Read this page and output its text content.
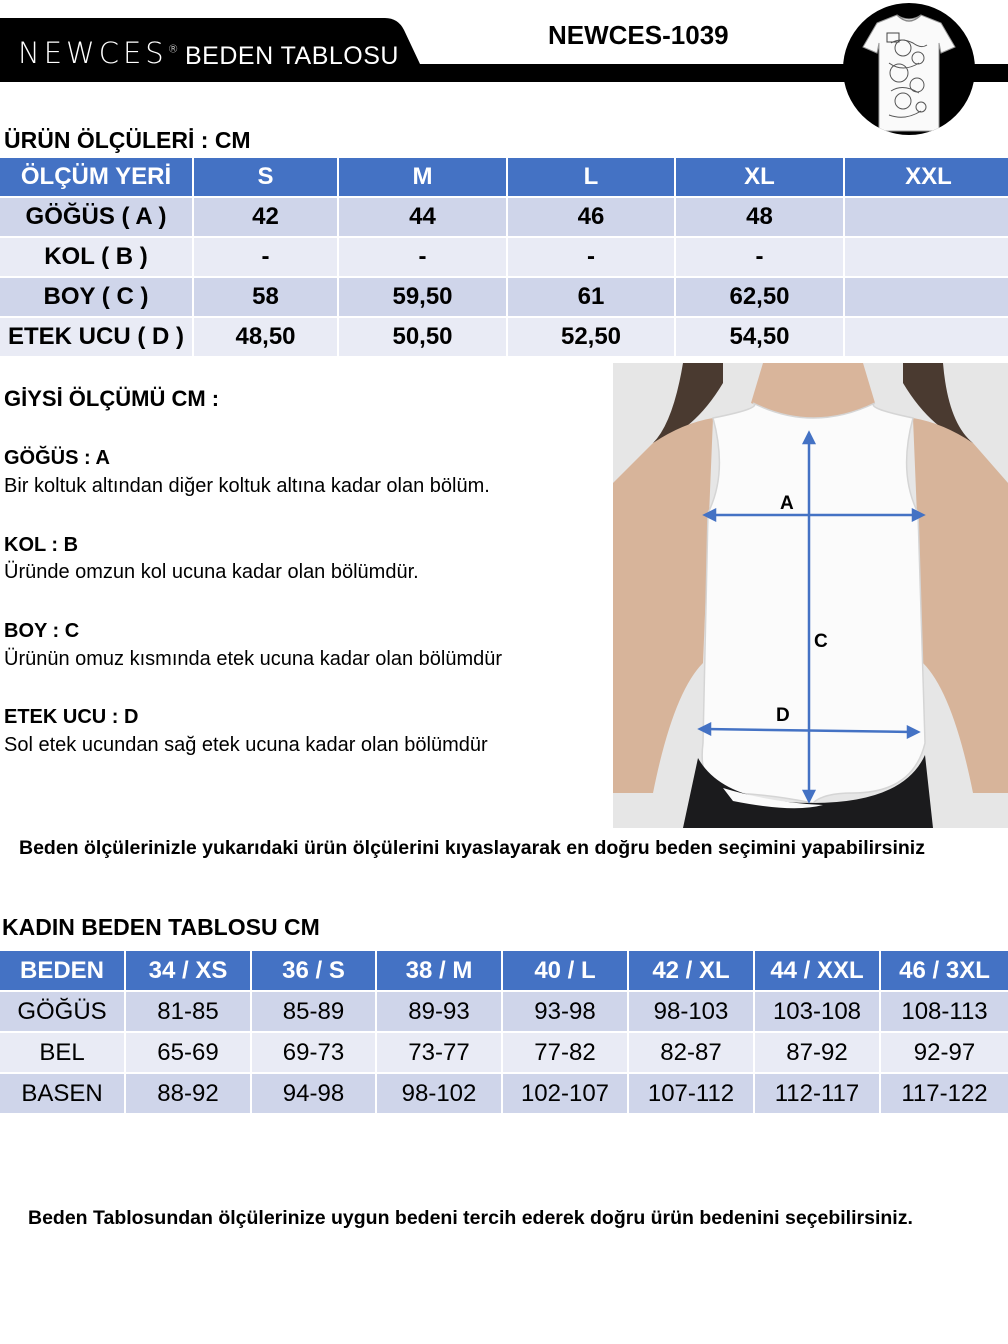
NEWCES® BEDEN TABLOSU
NEWCES-1039
ÜRÜN ÖLÇÜLERİ : CM
ÖLÇÜM YERİ	S	M	L	XL	XXL
GÖĞÜS ( A )	42	44	46	48	
KOL ( B )	-	-	-	-	
BOY ( C )	58	59,50	61	62,50	
ETEK UCU ( D )	48,50	50,50	52,50	54,50	
GİYSİ ÖLÇÜMÜ CM :
GÖĞÜS : A
Bir koltuk altından diğer koltuk altına kadar olan bölüm.
KOL : B
Üründe omzun kol ucuna kadar olan bölümdür.
BOY : C
Ürünün omuz kısmında etek ucuna kadar olan bölümdür
ETEK UCU : D
Sol etek ucundan sağ etek ucuna kadar olan bölümdür
A
C
D
Beden ölçülerinizle yukarıdaki ürün ölçülerini kıyaslayarak en doğru beden seçimini yapabilirsiniz
KADIN BEDEN TABLOSU CM
BEDEN	34 / XS	36 / S	38 / M	40 / L	42 / XL	44 / XXL	46 / 3XL
GÖĞÜS	81-85	85-89	89-93	93-98	98-103	103-108	108-113
BEL	65-69	69-73	73-77	77-82	82-87	87-92	92-97
BASEN	88-92	94-98	98-102	102-107	107-112	112-117	117-122
Beden Tablosundan ölçülerinize uygun bedeni tercih ederek doğru ürün bedenini seçebilirsiniz.
